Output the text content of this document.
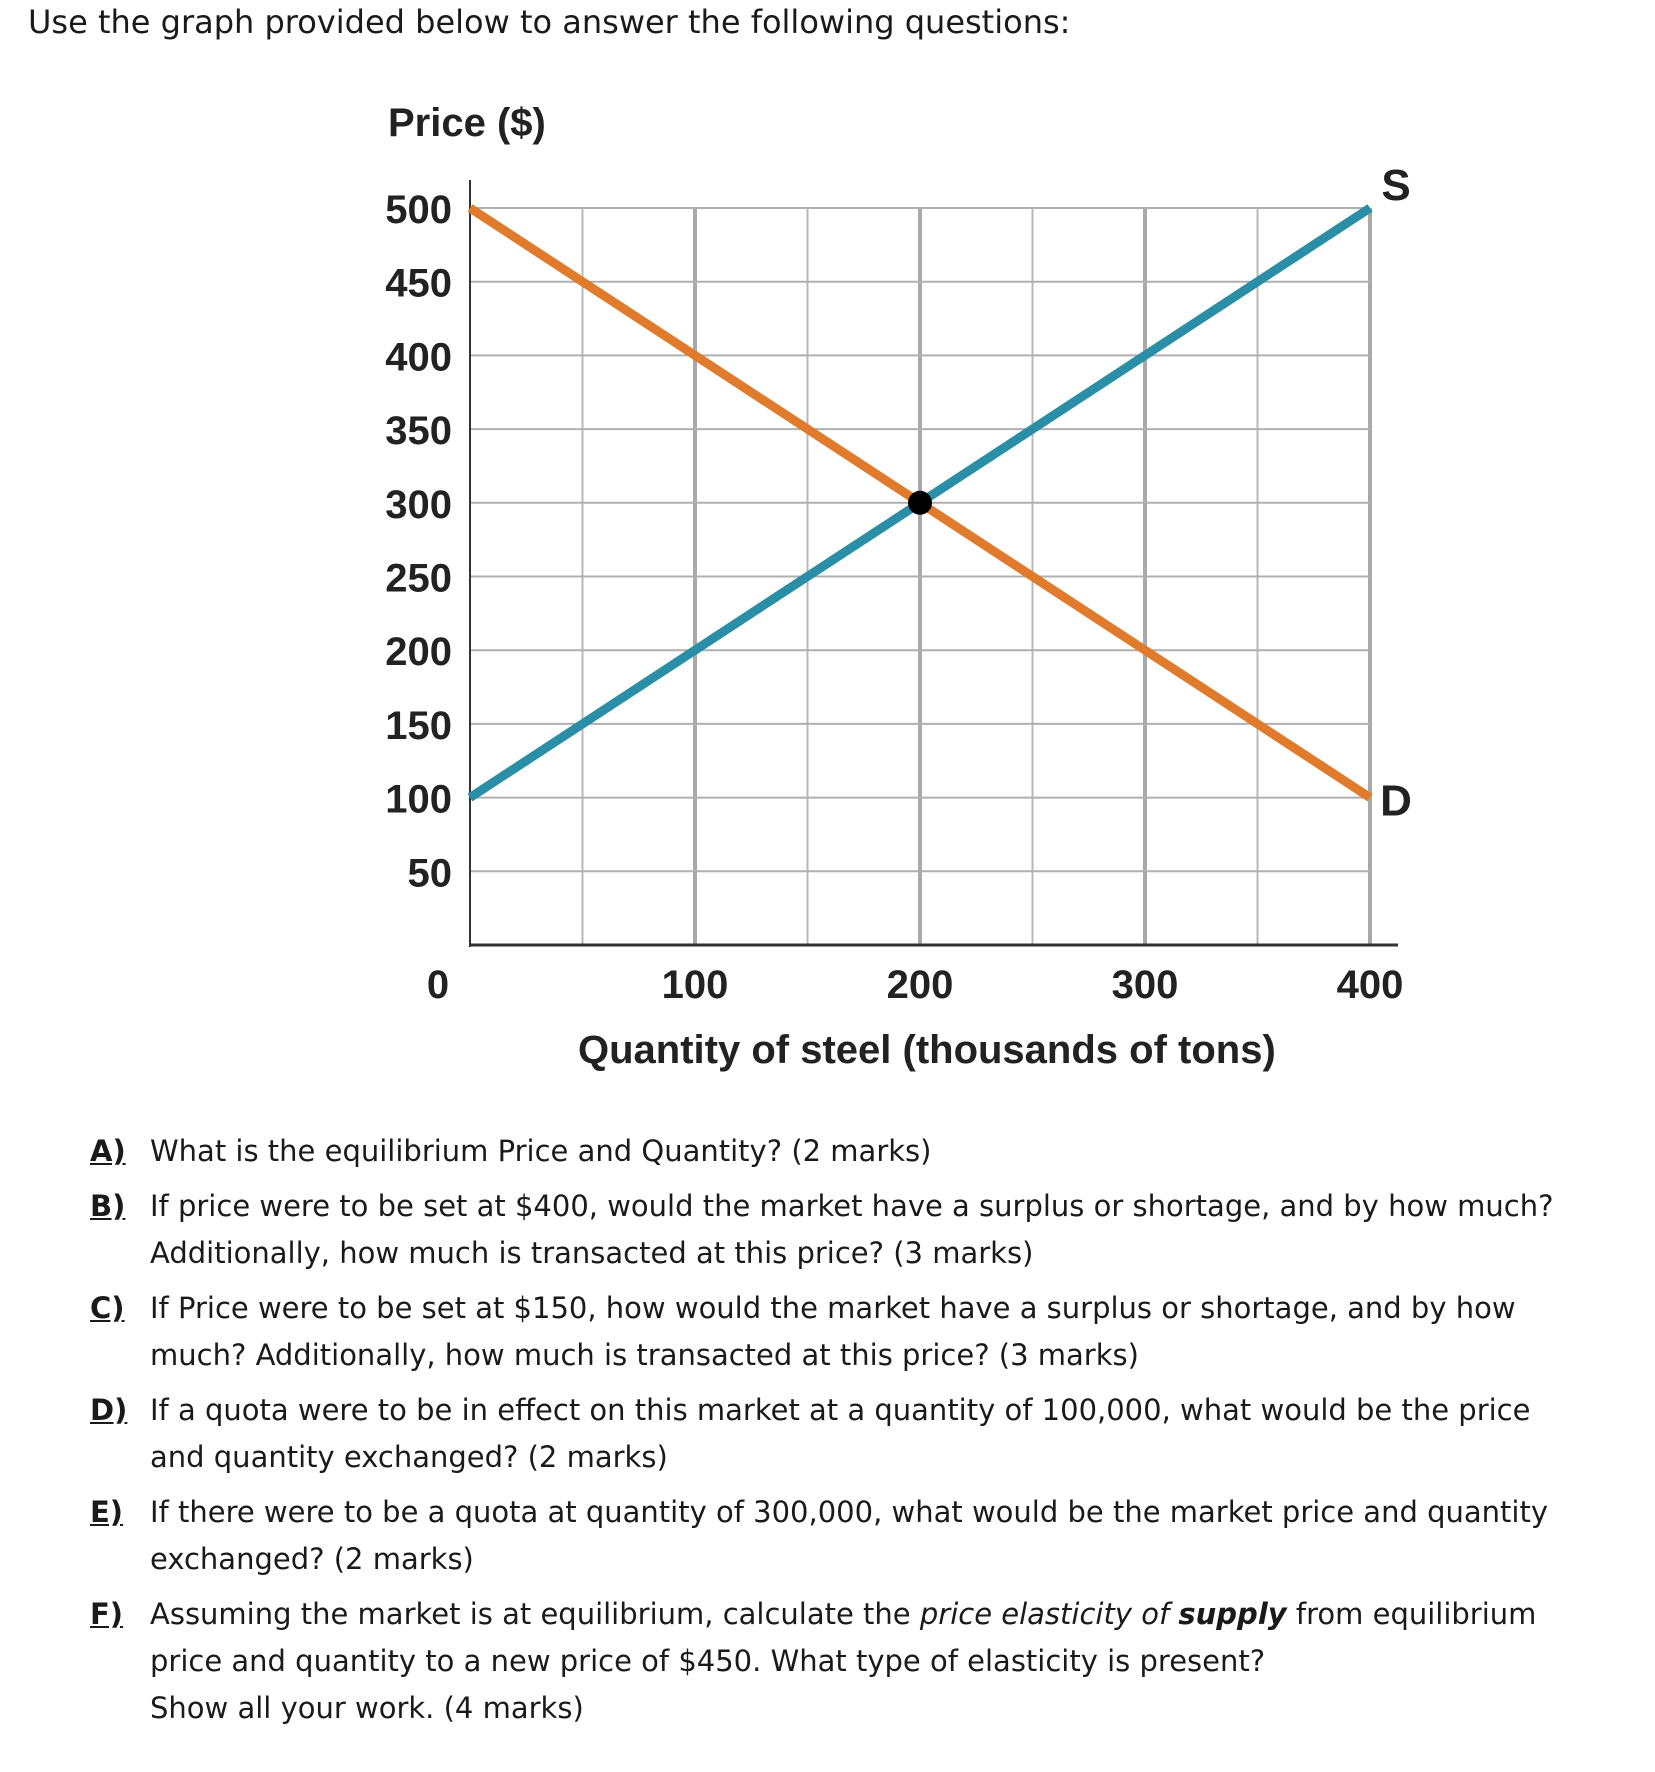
Use the graph provided below to answer the following questions:
500
450
400
350
300
250
200
150
100
50
0	100	200	300	400
S
D
Price ($)
Quantity of steel (thousands of tons)
A) What is the equilibrium Price and Quantity? (2 marks)
B) If price were to be set at $400, would the market have a surplus or shortage, and by how much?
Additionally, how much is transacted at this price? (3 marks)
C) If Price were to be set at $150, how would the market have a surplus or shortage, and by how
much? Additionally, how much is transacted at this price? (3 marks)
D) If a quota were to be in effect on this market at a quantity of 100,000, what would be the price
and quantity exchanged? (2 marks)
E) If there were to be a quota at quantity of 300,000, what would be the market price and quantity
exchanged? (2 marks)
F) Assuming the market is at equilibrium, calculate the price elasticity of supply from equilibrium
price and quantity to a new price of $450. What type of elasticity is present?
Show all your work. (4 marks)
